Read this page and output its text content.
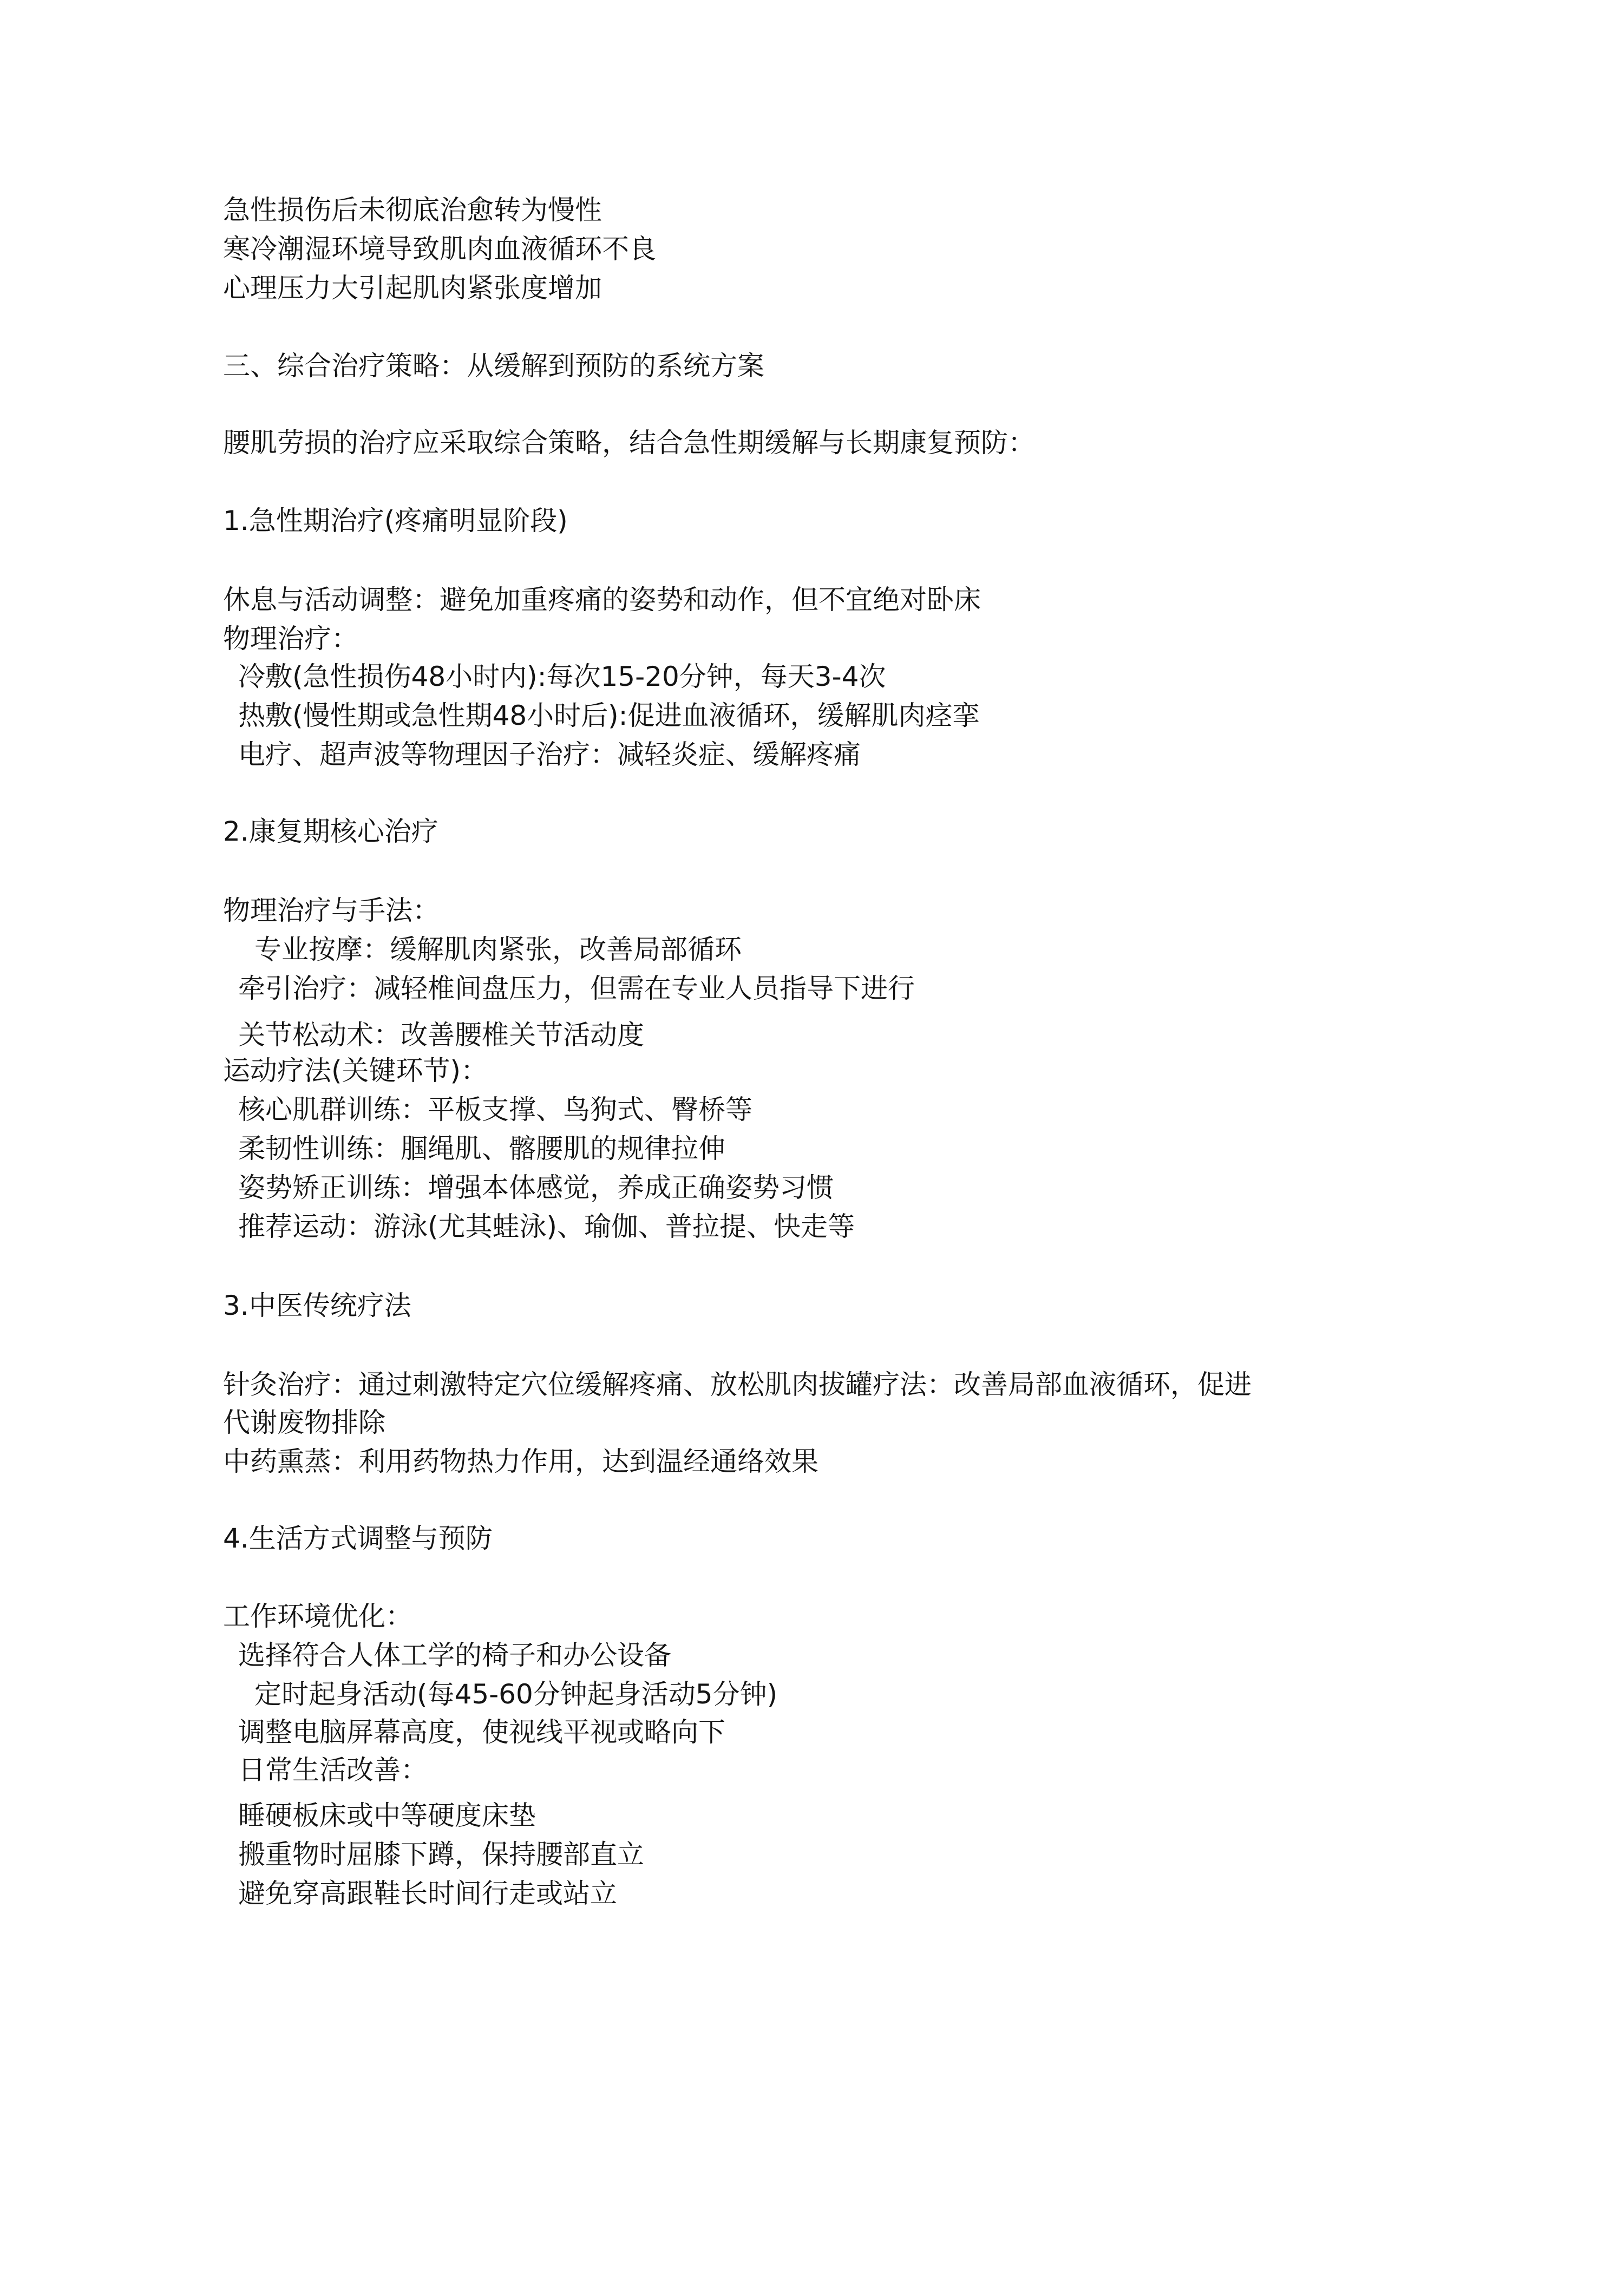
急性损伤后未彻底治愈转为慢性

寒冷潮湿环境导致肌肉血液循环不良

心理压力大引起肌肉紧张度增加

三、综合治疗策略：从缓解到预防的系统方案

腰肌劳损的治疗应采取综合策略，结合急性期缓解与长期康复预防：

1.急性期治疗(疼痛明显阶段)

休息与活动调整：避免加重疼痛的姿势和动作，但不宜绝对卧床

物理治疗：

冷敷(急性损伤48小时内):每次15-20分钟，每天3-4次

热敷(慢性期或急性期48小时后):促进血液循环，缓解肌肉痉挛

电疗、超声波等物理因子治疗：减轻炎症、缓解疼痛

2.康复期核心治疗

物理治疗与手法：

专业按摩：缓解肌肉紧张，改善局部循环

牵引治疗：减轻椎间盘压力，但需在专业人员指导下进行

关节松动术：改善腰椎关节活动度

运动疗法(关键环节)：

核心肌群训练：平板支撑、鸟狗式、臀桥等

柔韧性训练：腘绳肌、髂腰肌的规律拉伸

姿势矫正训练：增强本体感觉，养成正确姿势习惯

推荐运动：游泳(尤其蛙泳)、瑜伽、普拉提、快走等

3.中医传统疗法

针灸治疗：通过刺激特定穴位缓解疼痛、放松肌肉拔罐疗法：改善局部血液循环，促进

代谢废物排除

中药熏蒸：利用药物热力作用，达到温经通络效果

4.生活方式调整与预防

工作环境优化：

选择符合人体工学的椅子和办公设备

定时起身活动(每45-60分钟起身活动5分钟)

调整电脑屏幕高度，使视线平视或略向下

日常生活改善：

睡硬板床或中等硬度床垫

搬重物时屈膝下蹲，保持腰部直立

避免穿高跟鞋长时间行走或站立
